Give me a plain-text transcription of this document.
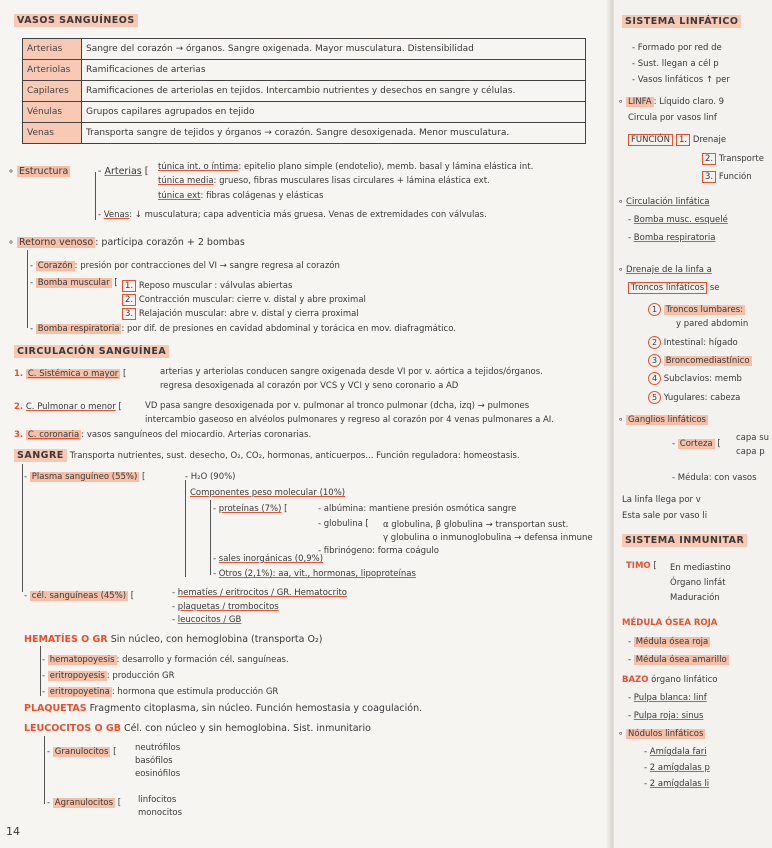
VASOS SANGUÍNEOS
Arterias	Sangre del corazón → órganos. Sangre oxigenada. Mayor musculatura. Distensibilidad
Arteriolas	Ramificaciones de arterias
Capilares	Ramificaciones de arteriolas en tejidos. Intercambio nutrientes y desechos en sangre y células.
Vénulas	Grupos capilares agrupados en tejido
Venas	Transporta sangre de tejidos y órganos → corazón. Sangre desoxigenada. Menor musculatura.
∘ Estructura	- Arterias [ túnica int. o íntima: epitelio plano simple (endotelio), memb. basal y lámina elástica int.
túnica media: grueso, fibras musculares lisas circulares + lámina elástica ext.
túnica ext: fibras colágenas y elásticas
- Venas: ↓ musculatura; capa adventicia más gruesa. Venas de extremidades con válvulas.
∘ Retorno venoso : participa corazón + 2 bombas
- Corazón : presión por contracciones del VI → sangre regresa al corazón
- Bomba muscular [ 1. Reposo muscular : válvulas abiertas
2. Contracción muscular: cierre v. distal y abre proximal
3. Relajación muscular: abre v. distal y cierra proximal
- Bomba respiratoria : por dif. de presiones en cavidad abdominal y torácica en mov. diafragmático.
CIRCULACIÓN SANGUÍNEA
1. C. Sistémica o mayor [	arterias y arteriolas conducen sangre oxigenada desde VI por v. aórtica a tejidos/órganos.
regresa desoxigenada al corazón por VCS y VCI y seno coronario a AD
2. C. Pulmonar o menor [	VD pasa sangre desoxigenada por v. pulmonar al tronco pulmonar (dcha, izq) → pulmones
intercambio gaseoso en alvéolos pulmonares y regreso al corazón por 4 venas pulmonares a AI.
3. C. coronaria : vasos sanguíneos del miocardio. Arterias coronarias.
SANGRE Transporta nutrientes, sust. desecho, O₂, CO₂, hormonas, anticuerpos... Función reguladora: homeostasis.
- Plasma sanguíneo (55%) [	- H₂O (90%)
Componentes peso molecular (10%)
- proteínas (7%) [	- albúmina: mantiene presión osmótica sangre
- globulina [ α globulina, β globulina → transportan sust.
γ globulina o inmunoglobulina → defensa inmune
- fibrinógeno: forma coágulo
- sales inorgánicas (0,9%)
- Otros (2,1%): aa, vit., hormonas, lipoproteínas
- cél. sanguíneas (45%) [	- hematíes / eritrocitos / GR. Hematocrito
- plaquetas / trombocitos
- leucocitos / GB
HEMATÍES O GR Sin núcleo, con hemoglobina (transporta O₂)
- hematopoyesis : desarrollo y formación cél. sanguíneas.
- eritropoyesis : producción GR
- eritropoyetina : hormona que estimula producción GR
PLAQUETAS Fragmento citoplasma, sin núcleo. Función hemostasia y coagulación.
LEUCOCITOS O GB Cél. con núcleo y sin hemoglobina. Sist. inmunitario
- Granulocitos [ neutrófilos
basófilos
eosinófilos
- Agranulocitos [ linfocitos
monocitos
14
SISTEMA LINFÁTICO
- Formado por red de
- Sust. llegan a cél p
- Vasos linfáticos ↑ per
∘ LINFA : Líquido claro. 9
Circula por vasos linf
FUNCIÓN	1. Drenaje
2. Transporte
3. Función
∘ Circulación linfática
- Bomba musc. esquelé
- Bomba respiratoria
∘ Drenaje de la linfa a
Troncos linfáticos se
1 Troncos lumbares:
y pared abdomin
2 Intestinal: hígado
3 Broncomediastínico
4 Subclavios: memb
5 Yugulares: cabeza
∘ Ganglios linfáticos
- Corteza [
capa su
capa p
- Médula: con vasos
La linfa llega por v
Esta sale por vaso li
SISTEMA INMUNITAR
TIMO [ En mediastino
Órgano linfát
Maduración
MÉDULA ÓSEA ROJA
- Médula ósea roja
- Médula ósea amarillo
BAZO órgano linfático
- Pulpa blanca: linf
- Pulpa roja: sinus
∘ Nódulos linfáticos
- Amígdala fari
- 2 amígdalas p
- 2 amígdalas li
